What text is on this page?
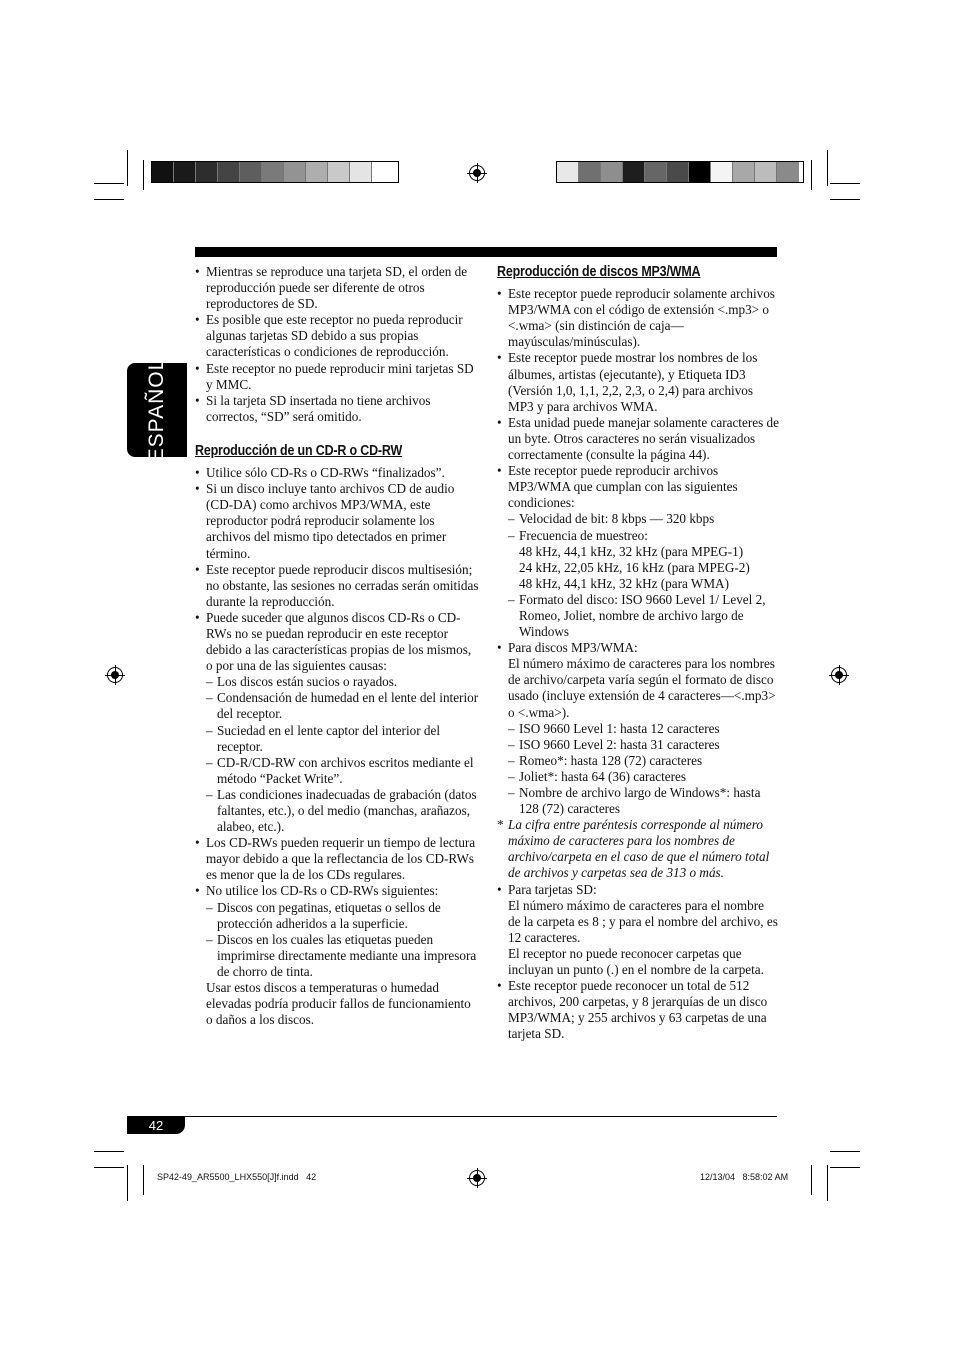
ESPAÑOL
42
• Mientras se reproduce una tarjeta SD, el orden de reproducción puede ser diferente de otros reproductores de SD.
• Es posible que este receptor no pueda reproducir algunas tarjetas SD debido a sus propias características o condiciones de reproducción.
• Este receptor no puede reproducir mini tarjetas SD y MMC.
• Si la tarjeta SD insertada no tiene archivos correctos, “SD” será omitido.
Reproducción de un CD-R o CD-RW
• Utilice sólo CD-Rs o CD-RWs “finalizados”.
• Si un disco incluye tanto archivos CD de audio (CD-DA) como archivos MP3/WMA, este reproductor podrá reproducir solamente los archivos del mismo tipo detectados en primer término.
• Este receptor puede reproducir discos multisesión; no obstante, las sesiones no cerradas serán omitidas durante la reproducción.
• Puede suceder que algunos discos CD-Rs o CD-RWs no se puedan reproducir en este receptor debido a las características propias de los mismos, o por una de las siguientes causas:
– Los discos están sucios o rayados.
– Condensación de humedad en el lente del interior del receptor.
– Suciedad en el lente captor del interior del receptor.
– CD-R/CD-RW con archivos escritos mediante el método “Packet Write”.
– Las condiciones inadecuadas de grabación (datos faltantes, etc.), o del medio (manchas, arañazos, alabeo, etc.).
• Los CD-RWs pueden requerir un tiempo de lectura mayor debido a que la reflectancia de los CD-RWs es menor que la de los CDs regulares.
• No utilice los CD-Rs o CD-RWs siguientes:
– Discos con pegatinas, etiquetas o sellos de protección adheridos a la superficie.
– Discos en los cuales las etiquetas pueden imprimirse directamente mediante una impresora de chorro de tinta.
Usar estos discos a temperaturas o humedad elevadas podría producir fallos de funcionamiento o daños a los discos.
Reproducción de discos MP3/WMA
• Este receptor puede reproducir solamente archivos MP3/WMA con el código de extensión <.mp3> o <.wma> (sin distinción de caja—mayúsculas/minúsculas).
• Este receptor puede mostrar los nombres de los álbumes, artistas (ejecutante), y Etiqueta ID3 (Versión 1,0, 1,1, 2,2, 2,3, o 2,4) para archivos MP3 y para archivos WMA.
• Esta unidad puede manejar solamente caracteres de un byte. Otros caracteres no serán visualizados correctamente (consulte la página 44).
• Este receptor puede reproducir archivos MP3/WMA que cumplan con las siguientes condiciones:
– Velocidad de bit: 8 kbps — 320 kbps
– Frecuencia de muestreo:
48 kHz, 44,1 kHz, 32 kHz (para MPEG-1)
24 kHz, 22,05 kHz, 16 kHz (para MPEG-2)
48 kHz, 44,1 kHz, 32 kHz (para WMA)
– Formato del disco: ISO 9660 Level 1/ Level 2, Romeo, Joliet, nombre de archivo largo de Windows
• Para discos MP3/WMA:
El número máximo de caracteres para los nombres de archivo/carpeta varía según el formato de disco usado (incluye extensión de 4 caracteres—<.mp3> o <.wma>).
– ISO 9660 Level 1: hasta 12 caracteres
– ISO 9660 Level 2: hasta 31 caracteres
– Romeo*: hasta 128 (72) caracteres
– Joliet*: hasta 64 (36) caracteres
– Nombre de archivo largo de Windows*: hasta 128 (72) caracteres
* La cifra entre paréntesis corresponde al número máximo de caracteres para los nombres de archivo/carpeta en el caso de que el número total de archivos y carpetas sea de 313 o más.
• Para tarjetas SD:
El número máximo de caracteres para el nombre de la carpeta es 8 ; y para el nombre del archivo, es 12 caracteres.
El receptor no puede reconocer carpetas que incluyan un punto (.) en el nombre de la carpeta.
• Este receptor puede reconocer un total de 512 archivos, 200 carpetas, y 8 jerarquías de un disco MP3/WMA; y 255 archivos y 63 carpetas de una tarjeta SD.
SP42-49_AR5500_LHX550[J]f.indd   42	12/13/04   8:58:02 AM
